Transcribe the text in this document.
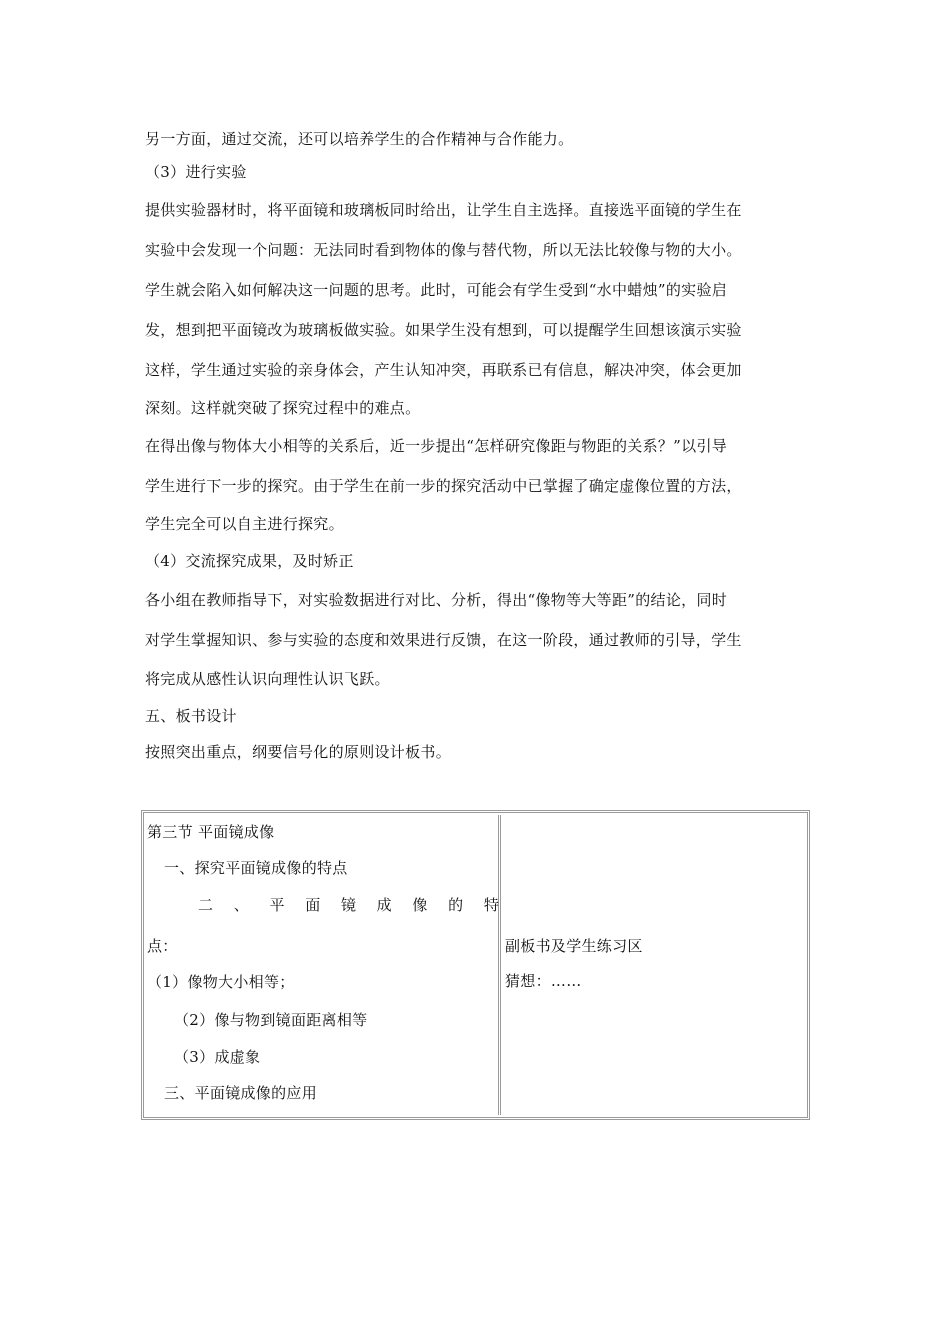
另一方面，通过交流，还可以培养学生的合作精神与合作能力。

（3）进行实验

提供实验器材时，将平面镜和玻璃板同时给出，让学生自主选择。直接选平面镜的学生在

实验中会发现一个问题：无法同时看到物体的像与替代物，所以无法比较像与物的大小。

学生就会陷入如何解决这一问题的思考。此时，可能会有学生受到“水中蜡烛”的实验启

发，想到把平面镜改为玻璃板做实验。如果学生没有想到，可以提醒学生回想该演示实验

这样，学生通过实验的亲身体会，产生认知冲突，再联系已有信息，解决冲突，体会更加

深刻。这样就突破了探究过程中的难点。

在得出像与物体大小相等的关系后，近一步提出“怎样研究像距与物距的关系？”以引导

学生进行下一步的探究。由于学生在前一步的探究活动中已掌握了确定虚像位置的方法，

学生完全可以自主进行探究。

（4）交流探究成果，及时矫正

各小组在教师指导下，对实验数据进行对比、分析，得出“像物等大等距”的结论，同时

对学生掌握知识、参与实验的态度和效果进行反馈，在这一阶段，通过教师的引导，学生

将完成从感性认识向理性认识飞跃。

五、板书设计

按照突出重点，纲要信号化的原则设计板书。

第三节 平面镜成像
一、探究平面镜成像的特点
二 、 平 面 镜 成 像 的 特
点：
（1）像物大小相等；
（2）像与物到镜面距离相等
（3）成虚象
三、平面镜成像的应用
副板书及学生练习区
猜想：……
